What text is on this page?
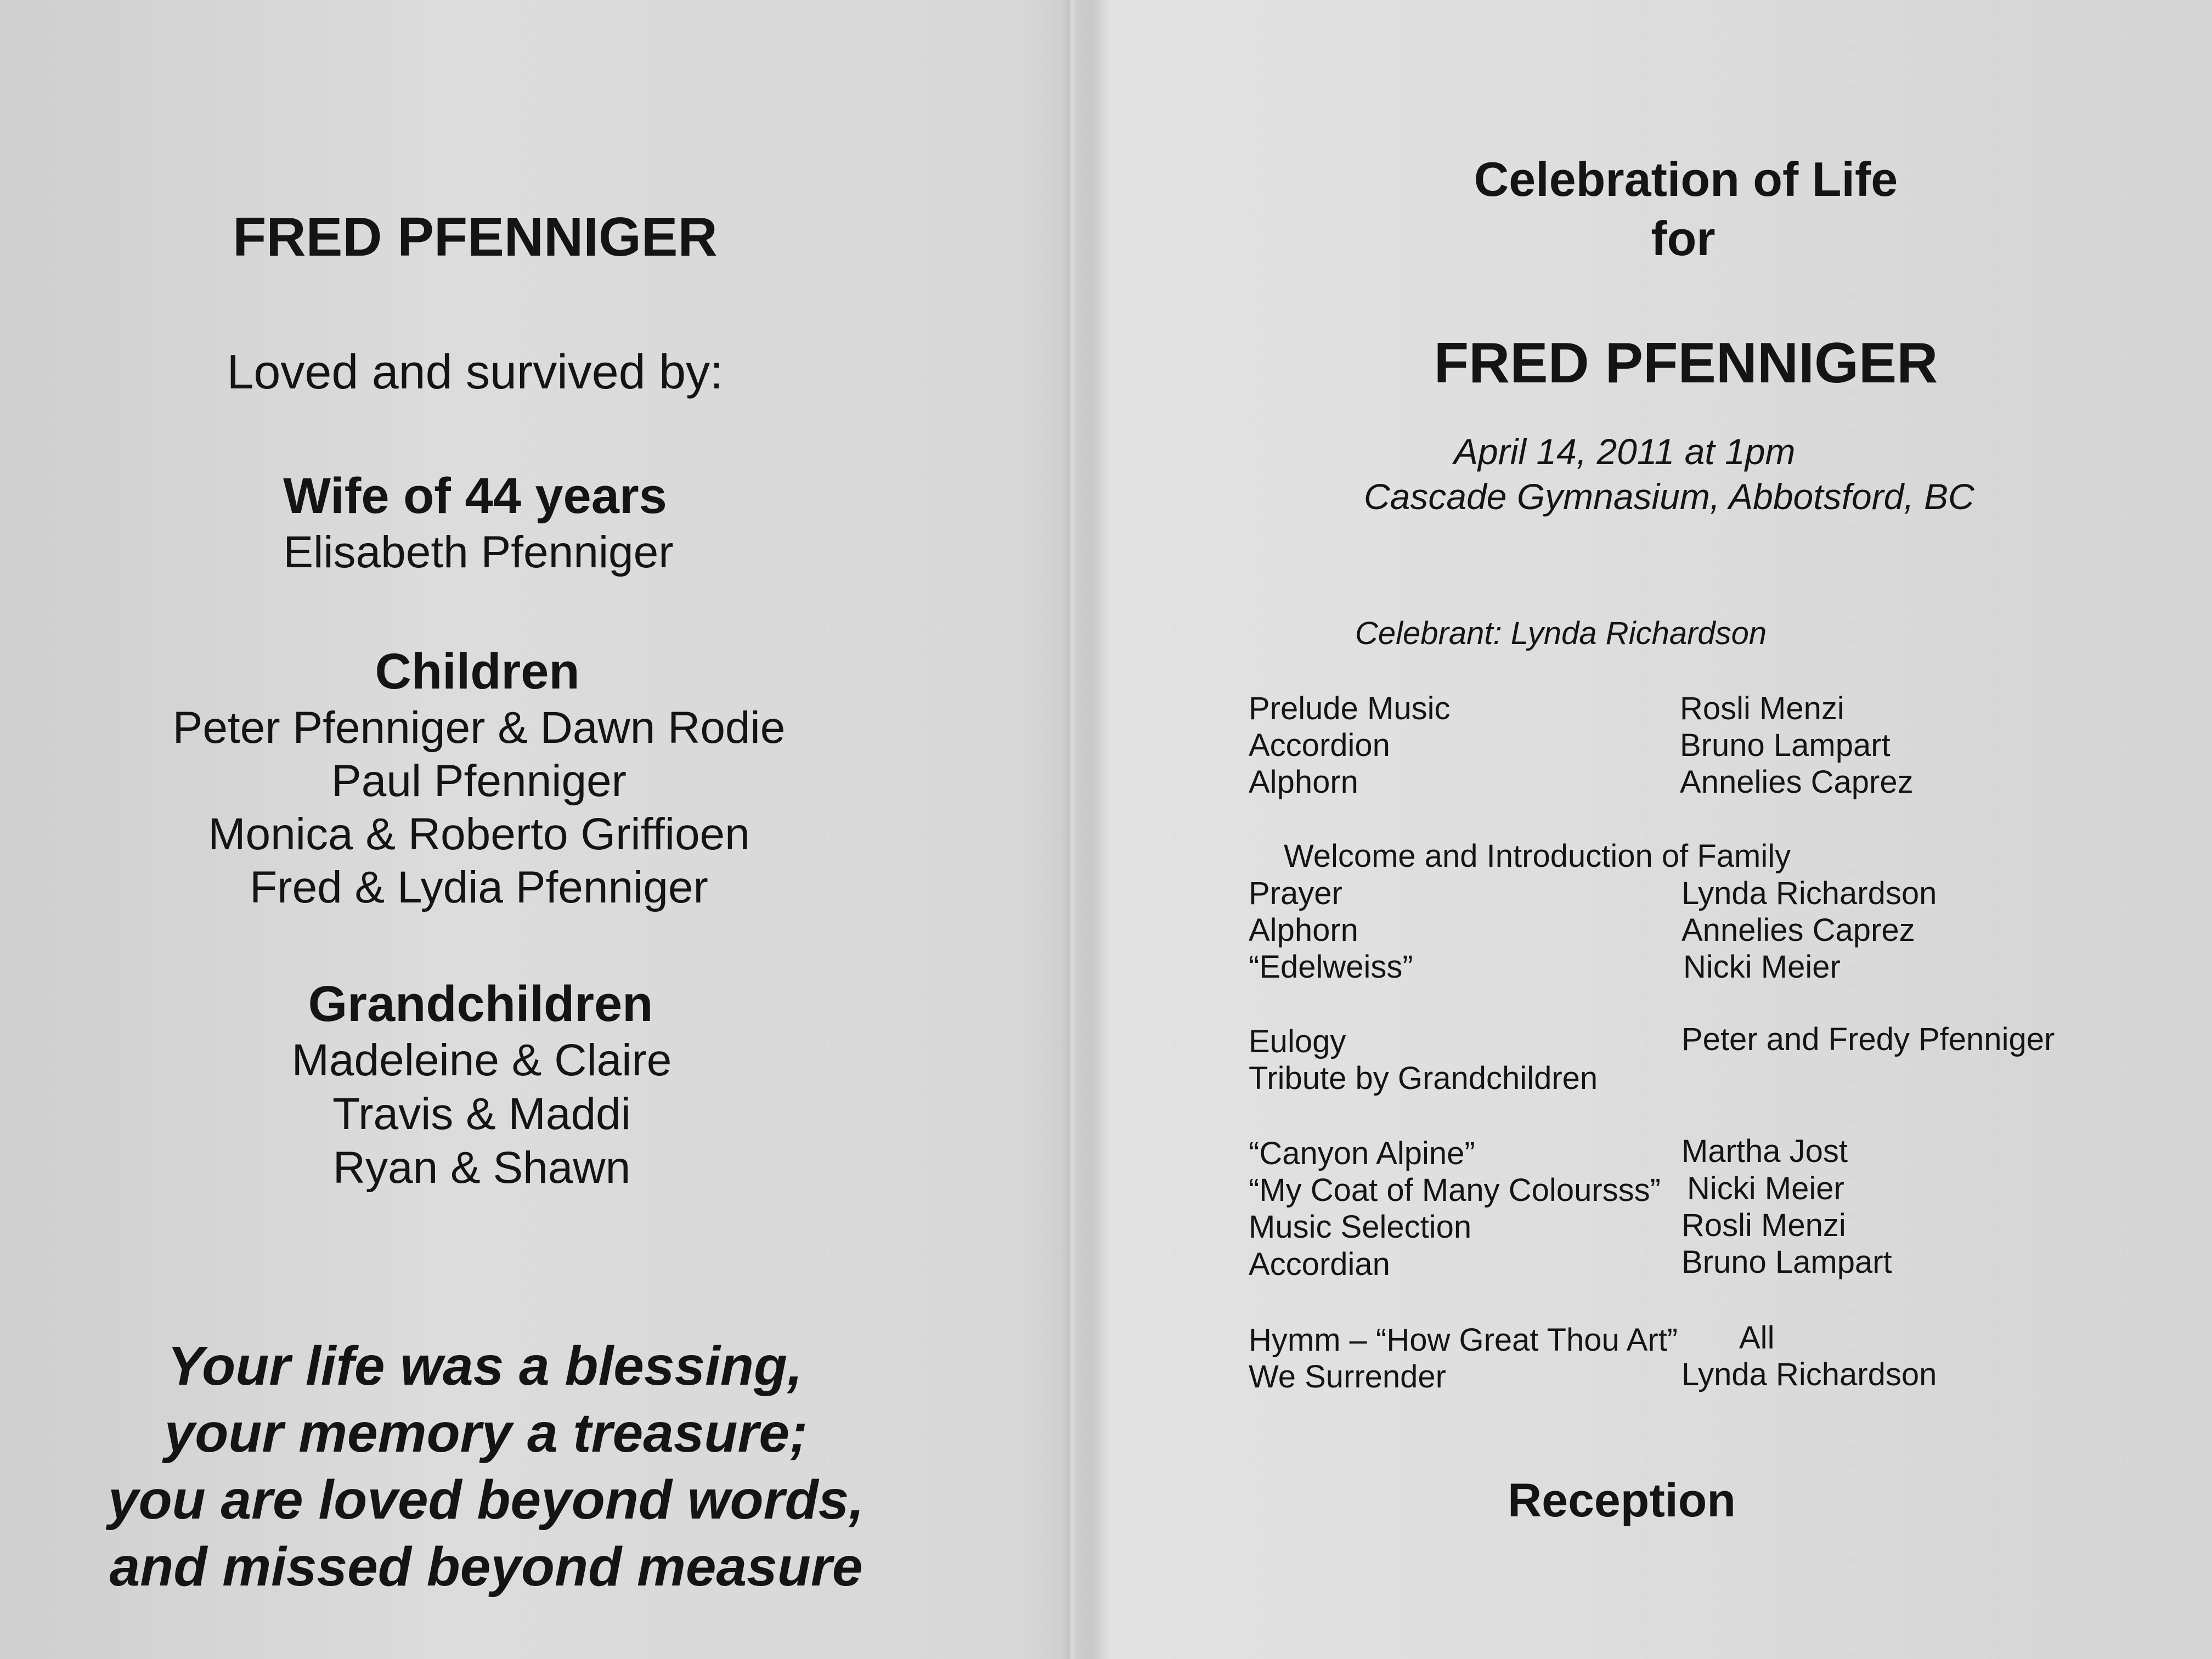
FRED PFENNIGER
Loved and survived by:
Wife of 44 years
Elisabeth Pfenniger
Children
Peter Pfenniger & Dawn Rodie
Paul Pfenniger
Monica & Roberto Griffioen
Fred & Lydia Pfenniger
Grandchildren
Madeleine & Claire
Travis & Maddi
Ryan & Shawn
Your life was a blessing,
your memory a treasure;
you are loved beyond words,
and missed beyond measure
Celebration of Life
for
FRED PFENNIGER
April 14, 2011 at 1pm
Cascade Gymnasium, Abbotsford, BC
Celebrant: Lynda Richardson
Prelude Music	Rosli Menzi
Accordion	Bruno Lampart
Alphorn	Annelies Caprez
Welcome and Introduction of Family
Prayer	Lynda Richardson
Alphorn	Annelies Caprez
“Edelweiss”	Nicki Meier
Eulogy	Peter and Fredy Pfenniger
Tribute by Grandchildren
“Canyon Alpine”	Martha Jost
“My Coat of Many Coloursss” Nicki Meier
Music Selection	Rosli Menzi
Accordian	Bruno Lampart
Hymm – “How Great Thou Art” All
We Surrender	Lynda Richardson
Reception
